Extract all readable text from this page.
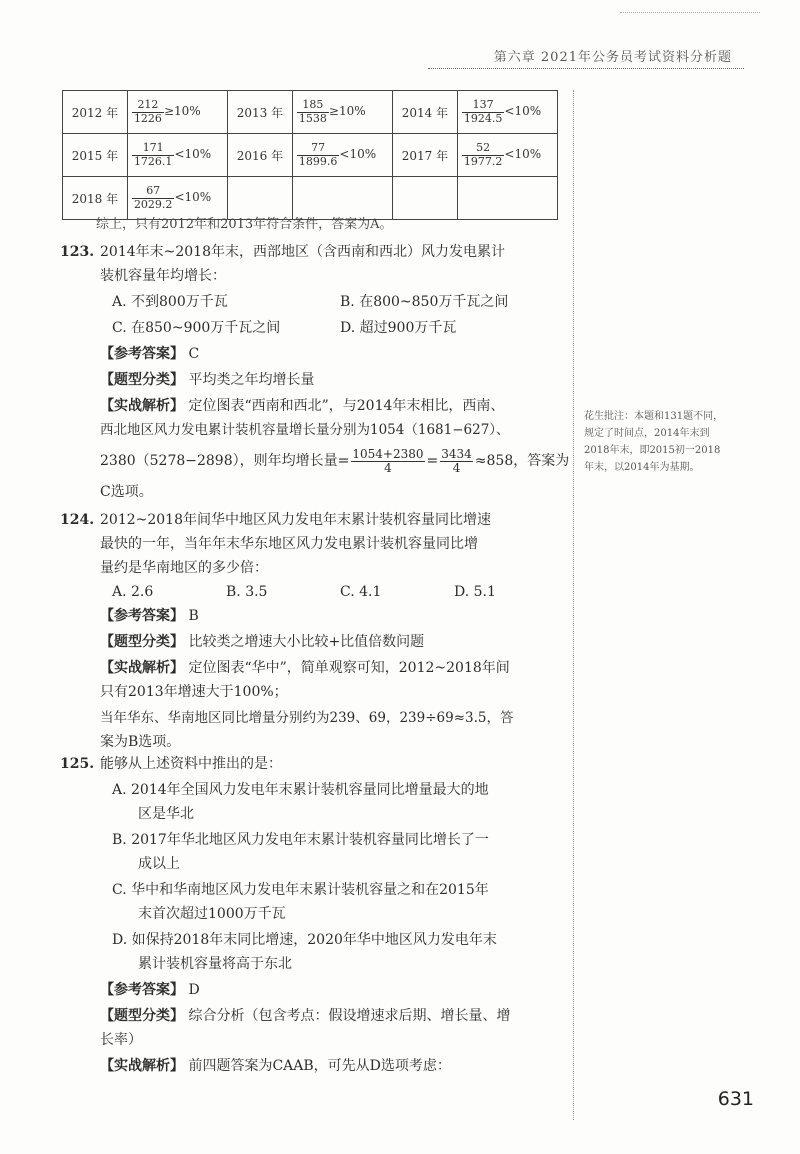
第六章 2021年公务员考试资料分析题
2012 年	$\frac{212}{1226} \ge 10\%$	2013 年	$\frac{185}{1538} \ge 10\%$	2014 年	$\frac{137}{1924.5} <10\%$
2015 年	$\frac{171}{1726.1} <10\%$	2016 年	$\frac{77}{1899.6} <10\%$	2017 年	$\frac{52}{1977.2} <10\%$
2018 年	$\frac{67}{2029.2} <10\%$				
综上，只有2012年和2013年符合条件，答案为A。
123. 2014年末~2018年末，西部地区（含西南和西北）风力发电累计
装机容量年均增长：
A. 不到800万千瓦	B. 在800~850万千瓦之间
C. 在850~900万千瓦之间	D. 超过900万千瓦
【参考答案】 C
【题型分类】 平均类之年均增长量
【实战解析】 定位图表“西南和西北”，与2014年末相比，西南、
西北地区风力发电累计装机容量增长量分别为1054（1681−627）、
2380（5278−2898），则年均增长量= $\frac{1054+2380}{4} = \frac{3434}{4} \approx 858$，答案为
C选项。
花生批注：本题和131题不同，规定了时间点，2014年末到2018年末，即2015初一2018年末，以2014年为基期。
124. 2012~2018年间华中地区风力发电年末累计装机容量同比增速
最快的一年，当年年末华东地区风力发电累计装机容量同比增
量约是华南地区的多少倍：
A. 2.6	B. 3.5	C. 4.1	D. 5.1
【参考答案】 B
【题型分类】 比较类之增速大小比较+比值倍数问题
【实战解析】 定位图表“华中”，简单观察可知，2012~2018年间
只有2013年增速大于100%；
当年华东、华南地区同比增量分别约为239、69，239÷69≈3.5，答
案为B选项。
125. 能够从上述资料中推出的是：
A. 2014年全国风力发电年末累计装机容量同比增量最大的地
区是华北
B. 2017年华北地区风力发电年末累计装机容量同比增长了一
成以上
C. 华中和华南地区风力发电年末累计装机容量之和在2015年
末首次超过1000万千瓦
D. 如保持2018年末同比增速，2020年华中地区风力发电年末
累计装机容量将高于东北
【参考答案】 D
【题型分类】 综合分析（包含考点：假设增速求后期、增长量、增
长率）
【实战解析】 前四题答案为CAAB，可先从D选项考虑：
631
